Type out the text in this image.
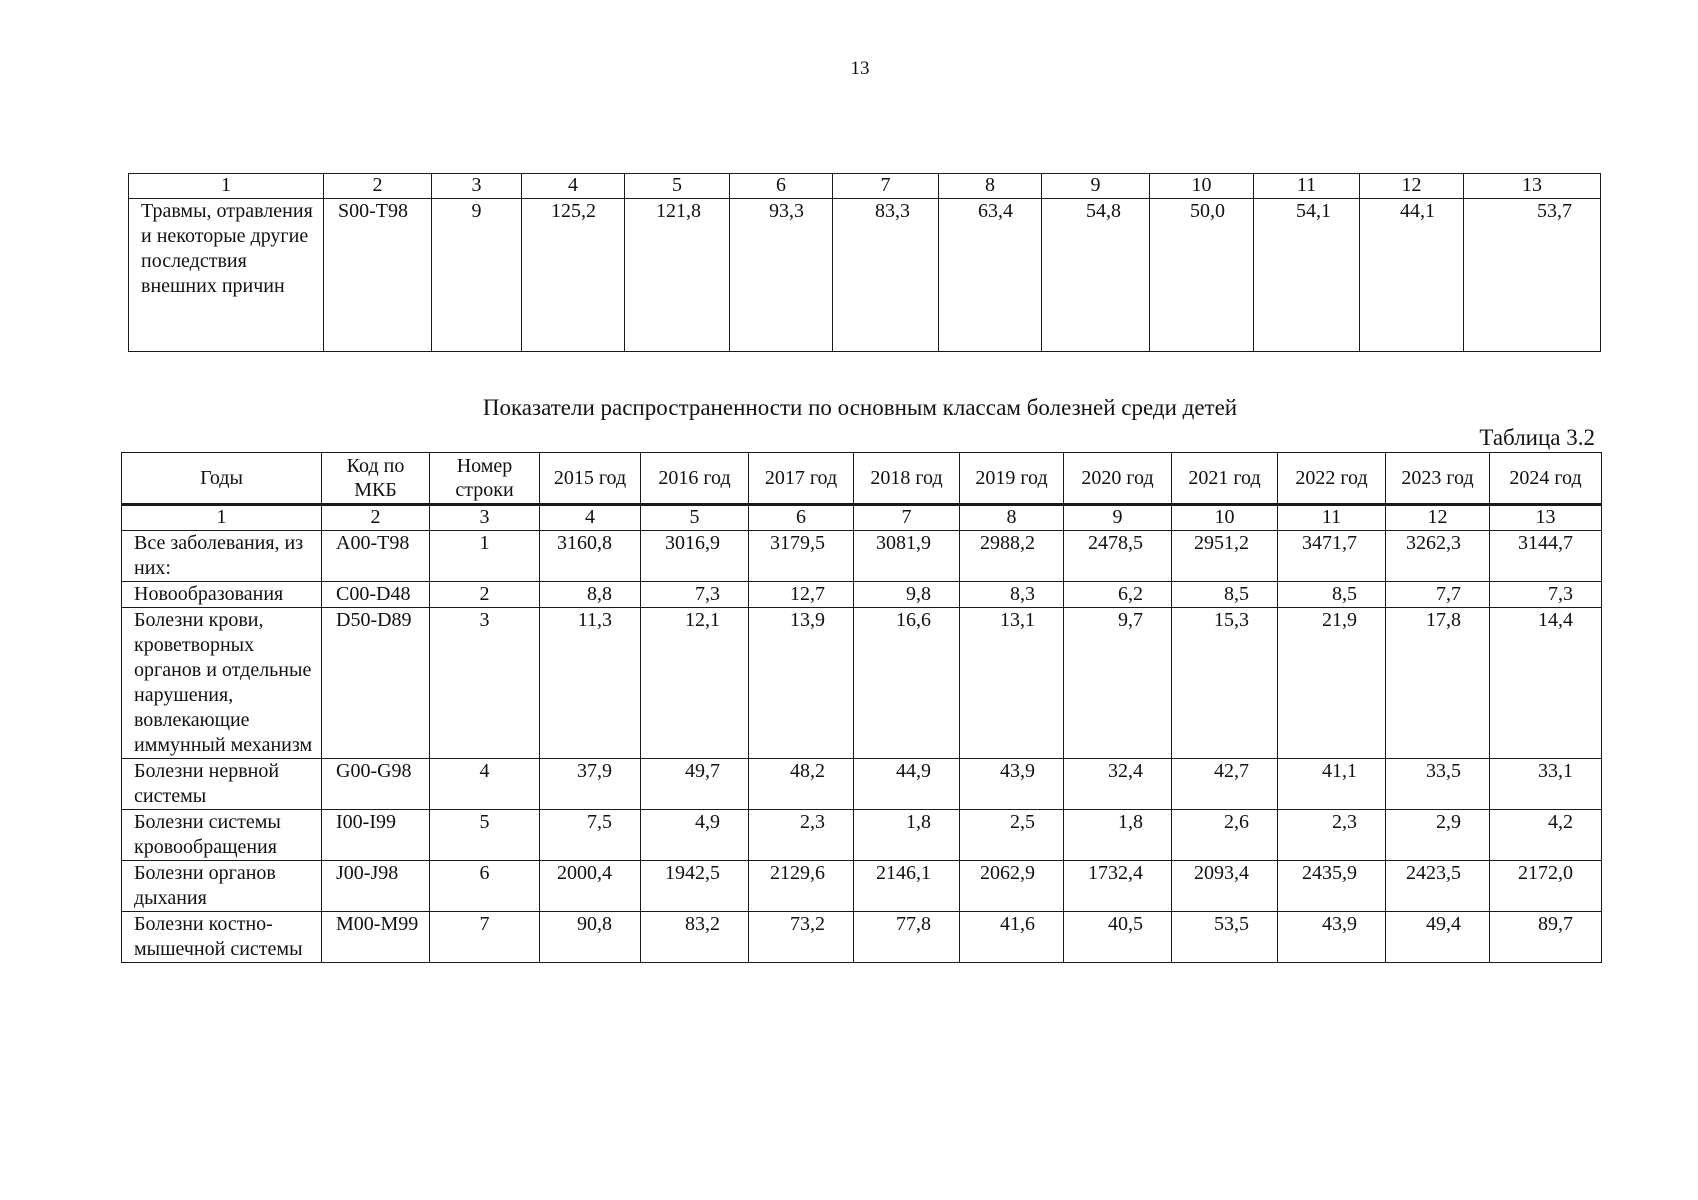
13
1	2	3	4	5	6	7	8	9	10	11	12	13
Травмы, отравления и некоторые другие последствия внешних причин	S00-T98	9	125,2	121,8	93,3	83,3	63,4	54,8	50,0	54,1	44,1	53,7
Показатели распространенности по основным классам болезней среди детей
Таблица 3.2
Годы	Код по МКБ	Номер строки	2015 год	2016 год	2017 год	2018 год	2019 год	2020 год	2021 год	2022 год	2023 год	2024 год
1	2	3	4	5	6	7	8	9	10	11	12	13
Все заболевания, из них:	A00-T98	1	3160,8	3016,9	3179,5	3081,9	2988,2	2478,5	2951,2	3471,7	3262,3	3144,7
Новообразования	C00-D48	2	8,8	7,3	12,7	9,8	8,3	6,2	8,5	8,5	7,7	7,3
Болезни крови, кроветворных органов и отдельные нарушения, вовлекающие иммунный механизм	D50-D89	3	11,3	12,1	13,9	16,6	13,1	9,7	15,3	21,9	17,8	14,4
Болезни нервной системы	G00-G98	4	37,9	49,7	48,2	44,9	43,9	32,4	42,7	41,1	33,5	33,1
Болезни системы кровообращения	I00-I99	5	7,5	4,9	2,3	1,8	2,5	1,8	2,6	2,3	2,9	4,2
Болезни органов дыхания	J00-J98	6	2000,4	1942,5	2129,6	2146,1	2062,9	1732,4	2093,4	2435,9	2423,5	2172,0
Болезни костно-мышечной системы	M00-M99	7	90,8	83,2	73,2	77,8	41,6	40,5	53,5	43,9	49,4	89,7
